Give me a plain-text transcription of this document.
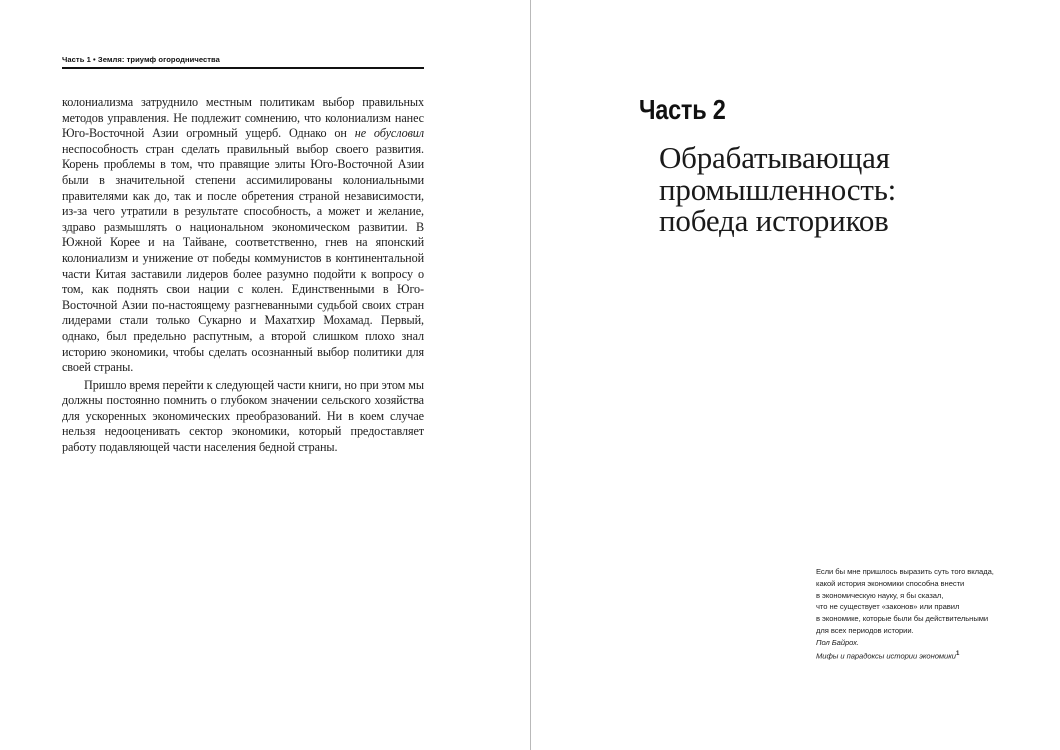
Часть 1 • Земля: триумф огородничества

колониализма затруднило местным политикам выбор правильных методов управления. Не подлежит сомнению, что колониализм нанес Юго-Восточной Азии огромный ущерб. Однако он не обусловил неспособность стран сделать правильный выбор своего развития. Корень проблемы в том, что правящие элиты Юго-Восточной Азии были в значительной степени ассимилированы колониальными правителями как до, так и после обретения страной независимости, из-за чего утратили в результате способность, а может и желание, здраво размышлять о национальном экономическом развитии. В Южной Корее и на Тайване, соответственно, гнев на японский колониализм и унижение от победы коммунистов в континентальной части Китая заставили лидеров более разумно подойти к вопросу о том, как поднять свои нации с колен. Единственными в Юго-Восточной Азии по-настоящему разгневанными судьбой своих стран лидерами стали только Сукарно и Махатхир Мохамад. Первый, однако, был предельно распутным, а второй слишком плохо знал историю экономики, чтобы сделать осознанный выбор политики для своей страны.

Пришло время перейти к следующей части книги, но при этом мы должны постоянно помнить о глубоком значении сельского хозяйства для ускоренных экономических преобразований. Ни в коем случае нельзя недооценивать сектор экономики, который предоставляет работу подавляющей части населения бедной страны.

Часть 2
Обрабатывающая
промышленность:
победа историков
Если бы мне пришлось выразить суть того вклада,
какой история экономики способна внести
в экономическую науку, я бы сказал,
что не существует «законов» или правил
в экономике, которые были бы действительными
для всех периодов истории.
Пол Байрох.
Мифы и парадоксы истории экономики$^1$
